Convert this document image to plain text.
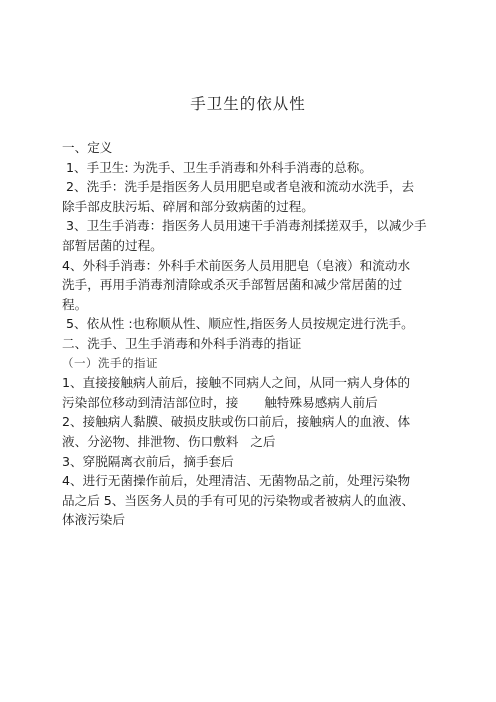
手卫生的依从性
一、定义
1、手卫生: 为洗手、卫生手消毒和外科手消毒的总称。
2、洗手：洗手是指医务人员用肥皂或者皂液和流动水洗手，去
除手部皮肤污垢、碎屑和部分致病菌的过程。
3、卫生手消毒：指医务人员用速干手消毒剂揉搓双手，以减少手
部暂居菌的过程。
4、外科手消毒：外科手术前医务人员用肥皂（皂液）和流动水
洗手，再用手消毒剂清除或杀灭手部暂居菌和减少常居菌的过
程。
5、依从性 :也称顺从性、顺应性,指医务人员按规定进行洗手。
二、洗手、卫生手消毒和外科手消毒的指证
（一）洗手的指证
1、直接接触病人前后，接触不同病人之间，从同一病人身体的
污染部位移动到清洁部位时，接 触特殊易感病人前后
2、接触病人黏膜、破损皮肤或伤口前后，接触病人的血液、体
液、分泌物、排泄物、伤口敷料 之后
3、穿脱隔离衣前后，摘手套后
4、进行无菌操作前后，处理清洁、无菌物品之前，处理污染物
品之后 5、当医务人员的手有可见的污染物或者被病人的血液、
体液污染后
